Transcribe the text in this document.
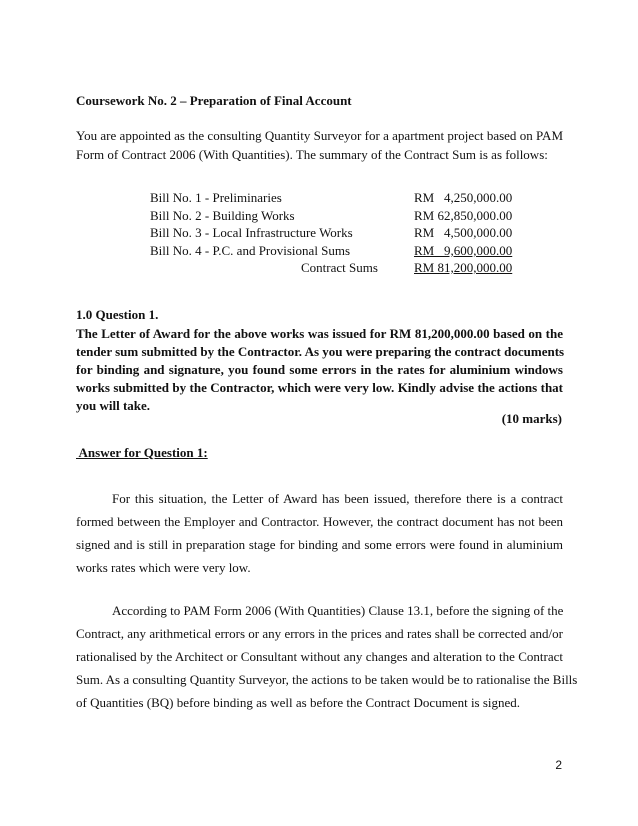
Coursework No. 2 – Preparation of Final Account
You are appointed as the consulting Quantity Surveyor for a apartment project based on PAM
Form of Contract 2006 (With Quantities). The summary of the Contract Sum is as follows:
Bill No. 1 - Preliminaries	RM   4,250,000.00
Bill No. 2 - Building Works	RM 62,850,000.00
Bill No. 3 - Local Infrastructure Works	RM   4,500,000.00
Bill No. 4 - P.C. and Provisional Sums	RM   9,600,000.00
Contract Sums	RM 81,200,000.00
1.0 Question 1.
The Letter of Award for the above works was issued for RM 81,200,000.00 based on the
tender sum submitted by the Contractor. As you were preparing the contract documents
for binding and signature, you found some errors in the rates for aluminium windows
works submitted by the Contractor, which were very low. Kindly advise the actions that
you will take.
(10 marks)
Answer for Question 1:
For this situation, the Letter of Award has been issued, therefore there is a contract
formed between the Employer and Contractor. However, the contract document has not been
signed and is still in preparation stage for binding and some errors were found in aluminium
works rates which were very low.
According to PAM Form 2006 (With Quantities) Clause 13.1, before the signing of the
Contract, any arithmetical errors or any errors in the prices and rates shall be corrected and/or
rationalised by the Architect or Consultant without any changes and alteration to the Contract
Sum. As a consulting Quantity Surveyor, the actions to be taken would be to rationalise the Bills
of Quantities (BQ) before binding as well as before the Contract Document is signed.
2
